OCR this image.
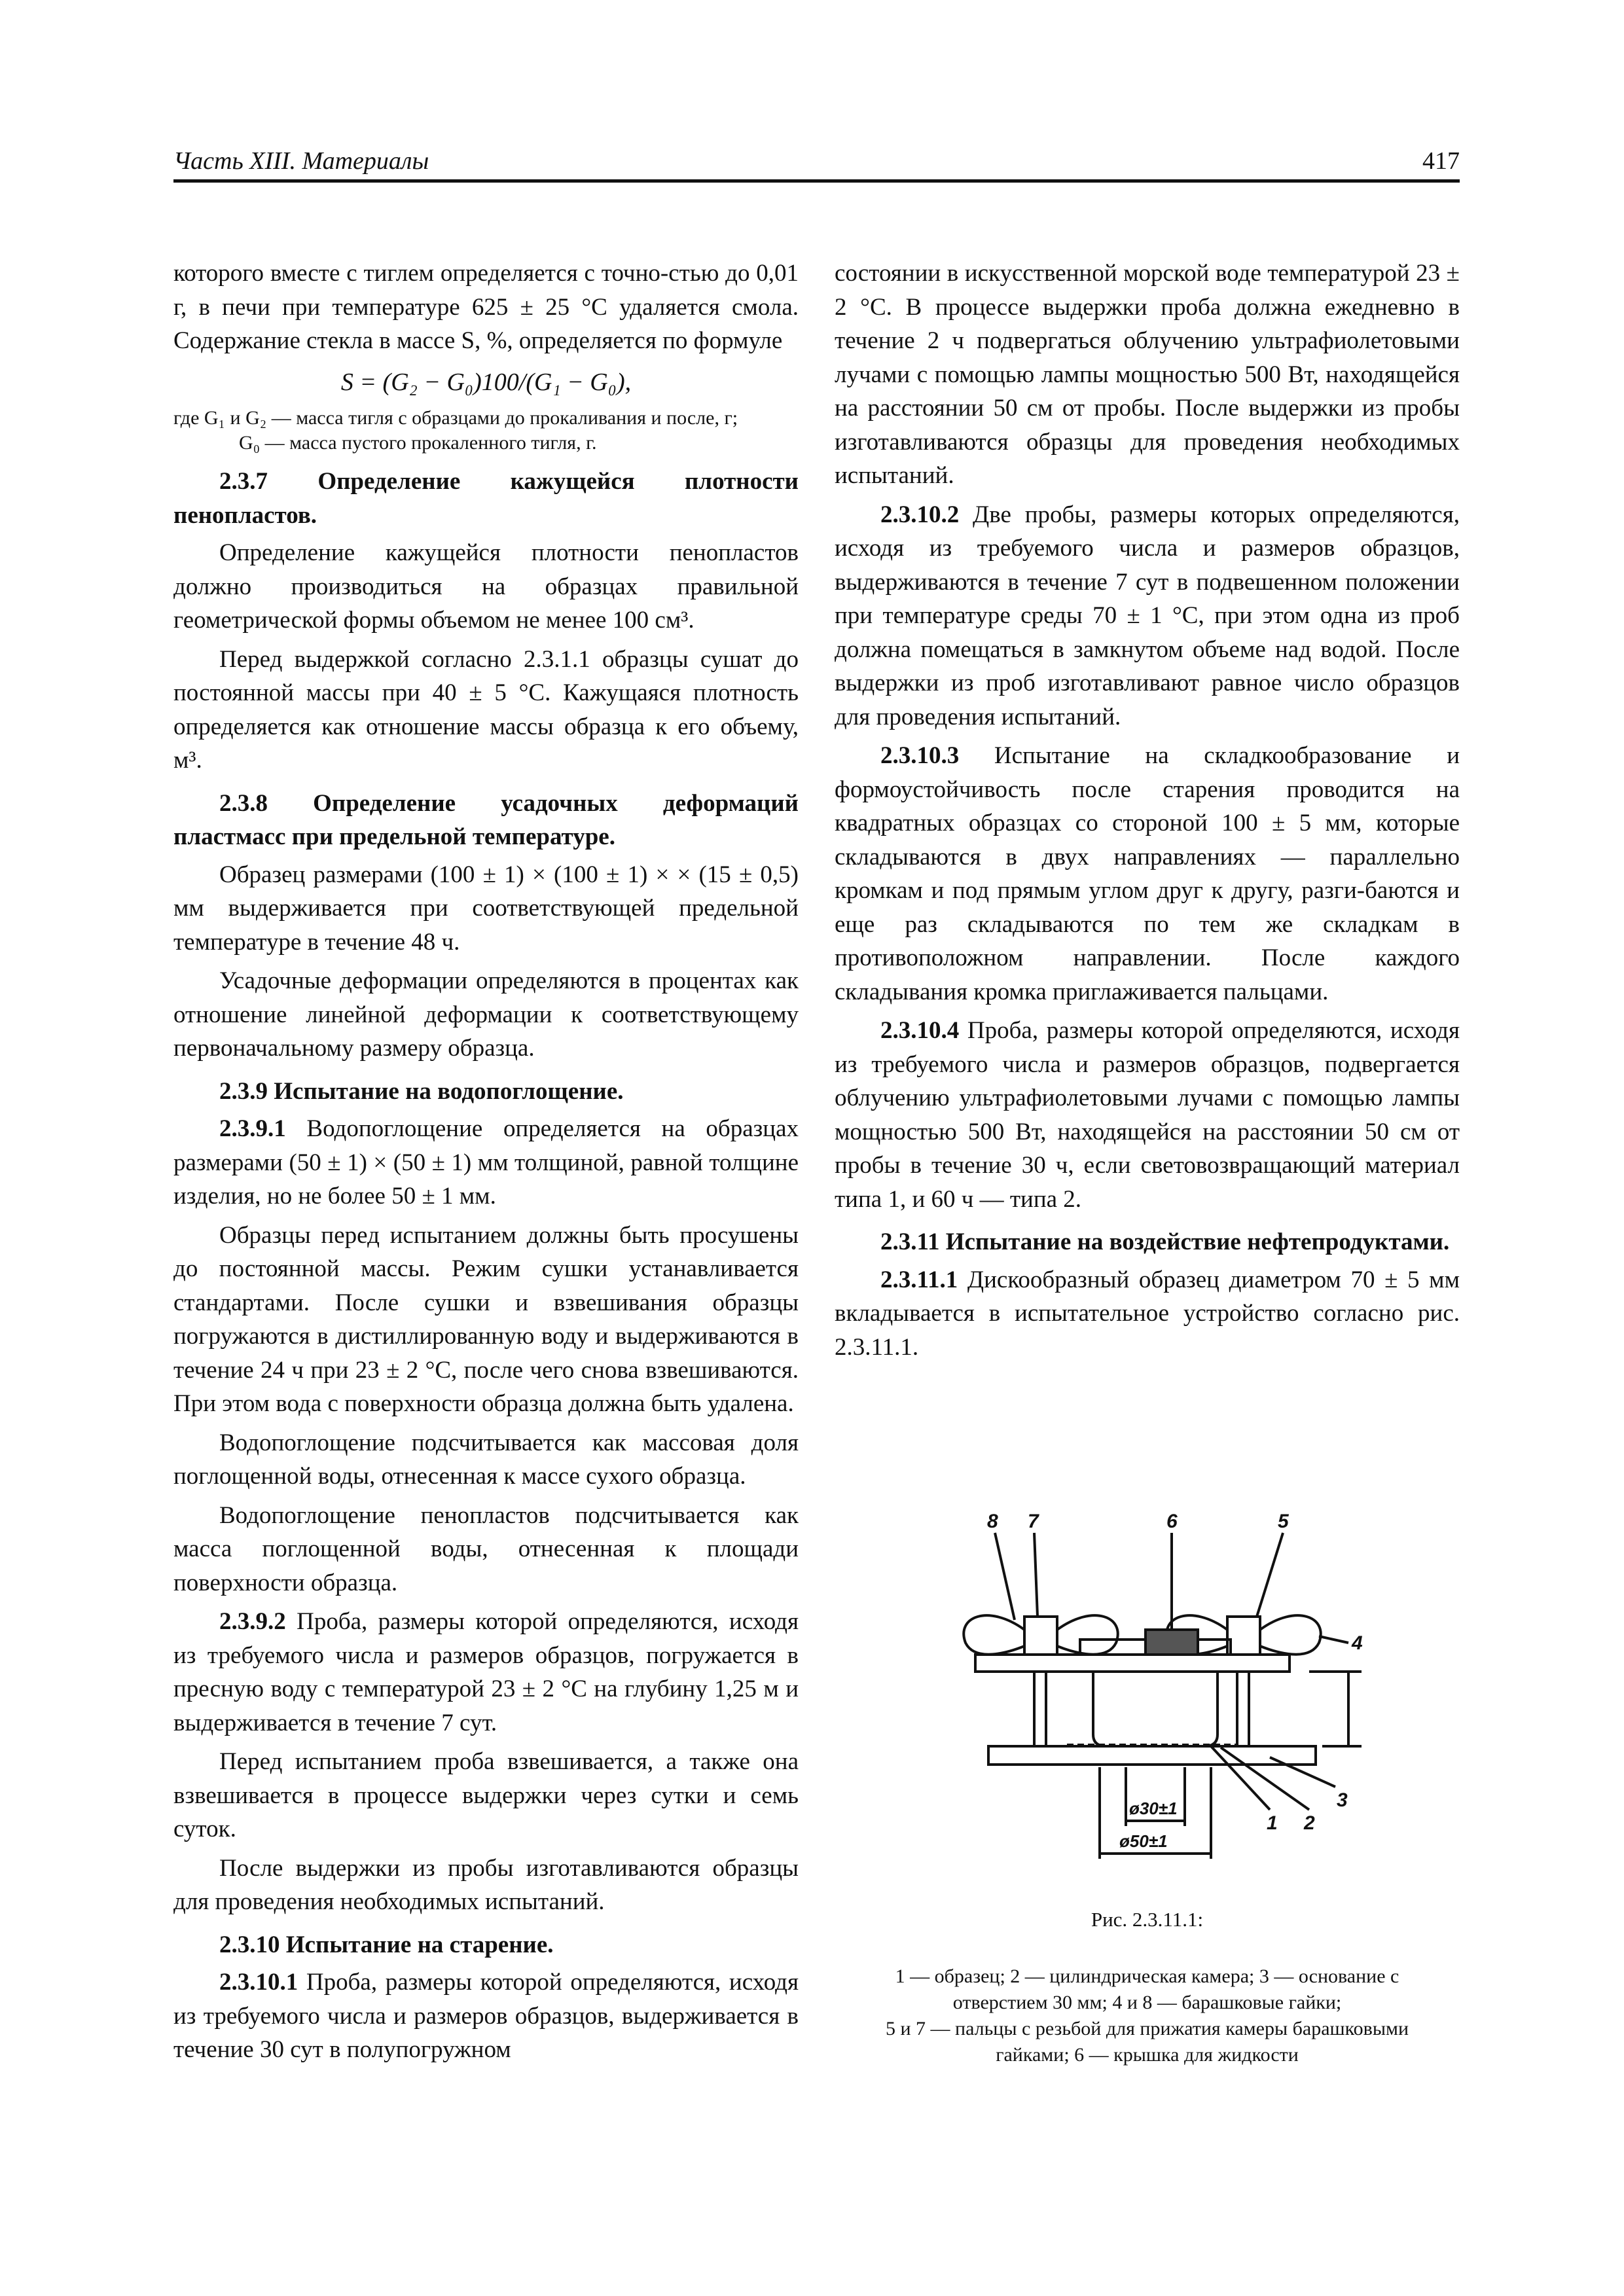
Часть XIII. Материалы	417

которого вместе с тиглем определяется с точно-стью до 0,01 г, в печи при температуре 625 ± 25 °С удаляется смола. Содержание стекла в массе S, %, определяется по формуле

S = (G₂ − G₀)100/(G₁ − G₀),
где G₁ и G₂ — масса тигля с образцами до прокаливания и после, г;
G₀ — масса пустого прокаленного тигля, г.
2.3.7 Определение кажущейся плотности пенопластов.

Определение кажущейся плотности пенопластов должно производиться на образцах правильной геометрической формы объемом не менее 100 см³.

Перед выдержкой согласно 2.3.1.1 образцы сушат до постоянной массы при 40 ± 5 °С. Кажущаяся плотность определяется как отношение массы образца к его объему, м³.

2.3.8 Определение усадочных деформаций пластмасс при предельной температуре.

Образец размерами (100 ± 1) × (100 ± 1) × × (15 ± 0,5) мм выдерживается при соответствующей предельной температуре в течение 48 ч.

Усадочные деформации определяются в процентах как отношение линейной деформации к соответствующему первоначальному размеру образца.

2.3.9 Испытание на водопоглощение.

2.3.9.1 Водопоглощение определяется на образцах размерами (50 ± 1) × (50 ± 1) мм толщиной, равной толщине изделия, но не более 50 ± 1 мм.

Образцы перед испытанием должны быть просушены до постоянной массы. Режим сушки устанавливается стандартами. После сушки и взвешивания образцы погружаются в дистиллированную воду и выдерживаются в течение 24 ч при 23 ± 2 °С, после чего снова взвешиваются. При этом вода с поверхности образца должна быть удалена.

Водопоглощение подсчитывается как массовая доля поглощенной воды, отнесенная к массе сухого образца.

Водопоглощение пенопластов подсчитывается как масса поглощенной воды, отнесенная к площади поверхности образца.

2.3.9.2 Проба, размеры которой определяются, исходя из требуемого числа и размеров образцов, погружается в пресную воду с температурой 23 ± 2 °С на глубину 1,25 м и выдерживается в течение 7 сут.

Перед испытанием проба взвешивается, а также она взвешивается в процессе выдержки через сутки и семь суток.

После выдержки из пробы изготавливаются образцы для проведения необходимых испытаний.

2.3.10 Испытание на старение.

2.3.10.1 Проба, размеры которой определяются, исходя из требуемого числа и размеров образцов, выдерживается в течение 30 сут в полупогружном

состоянии в искусственной морской воде температурой 23 ± 2 °С. В процессе выдержки проба должна ежедневно в течение 2 ч подвергаться облучению ультрафиолетовыми лучами с помощью лампы мощностью 500 Вт, находящейся на расстоянии 50 см от пробы. После выдержки из пробы изготавливаются образцы для проведения необходимых испытаний.

2.3.10.2 Две пробы, размеры которых определяются, исходя из требуемого числа и размеров образцов, выдерживаются в течение 7 сут в подвешенном положении при температуре среды 70 ± 1 °С, при этом одна из проб должна помещаться в замкнутом объеме над водой. После выдержки из проб изготавливают равное число образцов для проведения испытаний.

2.3.10.3 Испытание на складкообразование и формоустойчивость после старения проводится на квадратных образцах со стороной 100 ± 5 мм, которые складываются в двух направлениях — параллельно кромкам и под прямым углом друг к другу, разги-баются и еще раз складываются по тем же складкам в противоположном направлении. После каждого складывания кромка приглаживается пальцами.

2.3.10.4 Проба, размеры которой определяются, исходя из требуемого числа и размеров образцов, подвергается облучению ультрафиолетовыми лучами с помощью лампы мощностью 500 Вт, находящейся на расстоянии 50 см от пробы в течение 30 ч, если световозвращающий материал типа 1, и 60 ч — типа 2.

2.3.11 Испытание на воздействие нефтепродуктами.

2.3.11.1 Дискообразный образец диаметром 70 ± 5 мм вкладывается в испытательное устройство согласно рис. 2.3.11.1.

8 7	6	5
4
3
2
1
ø30±1
ø50±1
Рис. 2.3.11.1:
1 — образец; 2 — цилиндрическая камера; 3 — основание с отверстием 30 мм; 4 и 8 — барашковые гайки;
5 и 7 — пальцы с резьбой для прижатия камеры барашковыми гайками; 6 — крышка для жидкости
